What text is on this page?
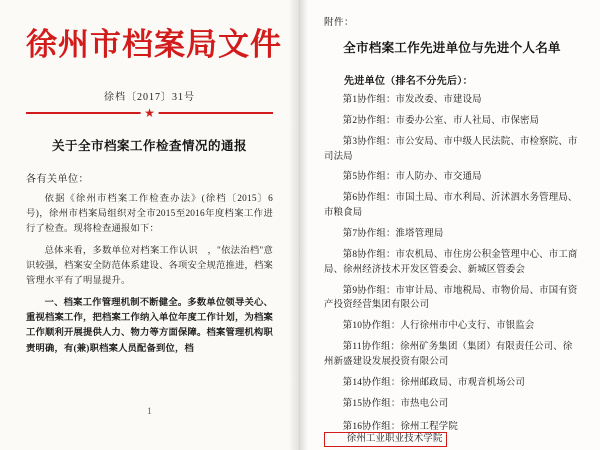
徐州市档案局文件
徐档〔2017〕31号
★
关于全市档案工作检查情况的通报
各有关单位：
依据《徐州市档案工作检查办法》(徐档〔2015〕6号)，徐州市档案局组织对全市2015至2016年度档案工作进行了检查。现将检查通报如下：
总体来看，多数单位对档案工作认识　，"依法治档"意识较强，档案安全防范体系建设、各项安全规范推进，档案管理水平有了明显提升。
一、档案工作管理机制不断健全。多数单位领导关心、重视档案工作，把档案工作纳入单位年度工作计划，为档案工作顺利开展提供人力、物力等方面保障。档案管理机构职责明确，有(兼)职档案人员配备到位，档
1
附件：
全市档案工作先进单位与先进个人名单
先进单位（排名不分先后）：
第1协作组：市发改委、市建设局
第2协作组：市委办公室、市人社局、市保密局
第3协作组：市公安局、市中级人民法院、市检察院、市司法局
第5协作组：市人防办、市交通局
第6协作组：市国土局、市水利局、沂沭泗水务管理局、市粮食局
第7协作组：淮塔管理局
第8协作组：市农机局、市住房公积金管理中心、市工商局、徐州经济技术开发区管委会、新城区管委会
第9协作组：市审计局、市地税局、市物价局、市国有资产投资经营集团有限公司
第10协作组：人行徐州市中心支行、市银监会
第11协作组：徐州矿务集团（集团）有限责任公司、徐州新盛建设发展投资有限公司
第14协作组：徐州邮政局、市观音机场公司
第15协作组：市热电公司
第16协作组：徐州工程学院徐州工业职业技术学院
